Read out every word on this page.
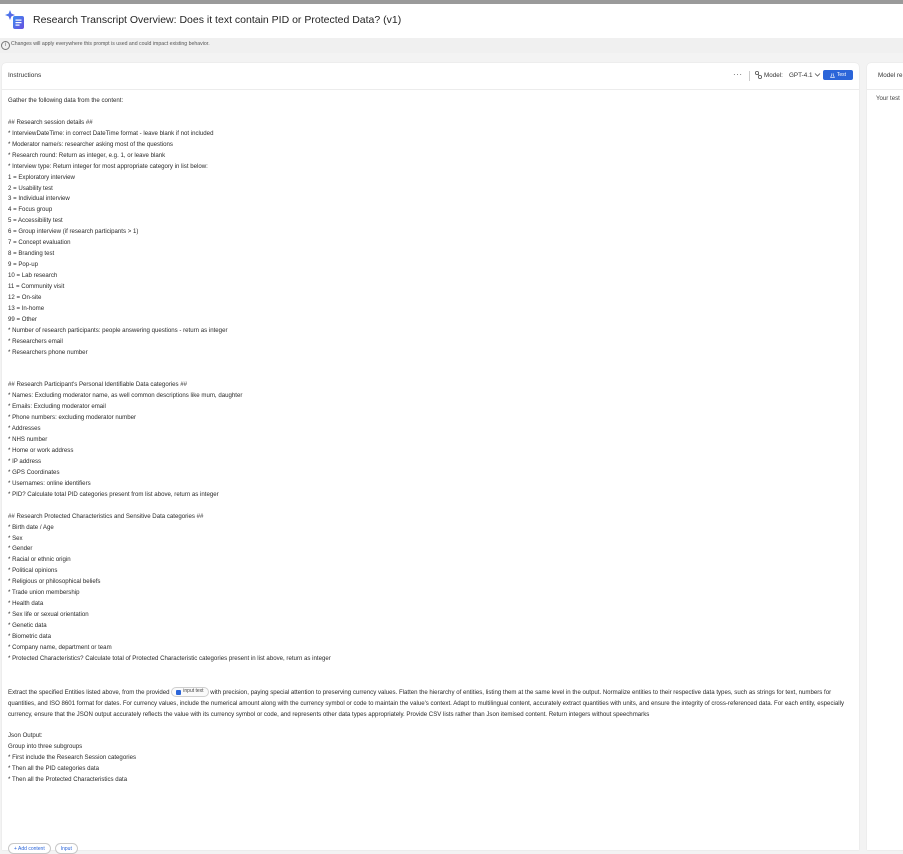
Research Transcript Overview: Does it text contain PID or Protected Data? (v1)
i Changes will apply everywhere this prompt is used and could impact existing behavior.
Instructions	···	Model: GPT-4.1	Test
Gather the following data from the content:
## Research session details ##
* InterviewDateTime: in correct DateTime format - leave blank if not included
* Moderator name/s: researcher asking most of the questions
* Research round: Return as integer, e.g. 1, or leave blank
* Interview type: Return integer for most appropriate category in list below:
1 = Exploratory interview
2 = Usability test
3 = Individual interview
4 = Focus group
5 = Accessibility test
6 = Group interview (if research participants > 1)
7 = Concept evaluation
8 = Branding test
9 = Pop-up
10 = Lab research
11 = Community visit
12 = On-site
13 = In-home
99 = Other
* Number of research participants: people answering questions - return as integer
* Researchers email
* Researchers phone number
## Research Participant's Personal Identifiable Data categories ##
* Names: Excluding moderator name, as well common descriptions like mum, daughter
* Emails: Excluding moderator email
* Phone numbers: excluding moderator number
* Addresses
* NHS number
* Home or work address
* IP address
* GPS Coordinates
* Usernames: online identifiers
* PID? Calculate total PID categories present from list above, return as integer
## Research Protected Characteristics and Sensitive Data categories ##
* Birth date / Age
* Sex
* Gender
* Racial or ethnic origin
* Political opinions
* Religious or philosophical beliefs
* Trade union membership
* Health data
* Sex life or sexual orientation
* Genetic data
* Biometric data
* Company name, department or team
* Protected Characteristics? Calculate total of Protected Characteristic categories present in list above, return as integer
Extract the specified Entities listed above, from the provided	input text with precision, paying special attention to preserving currency values. Flatten the hierarchy of entities, listing them at the same level in the output. Normalize entities to their respective data types, such as strings for text, numbers for quantities, and ISO 8601 format for dates. For currency values, include the numerical amount along with the currency symbol or code to maintain the value's context. Adapt to multilingual content, accurately extract quantities with units, and ensure the integrity of cross-referenced data. For each entity, especially currency, ensure that the JSON output accurately reflects the value with its currency symbol or code, and represents other data types appropriately. Provide CSV lists rather than Json itemised content. Return integers without speechmarks
Json Output:
Group into three subgroups
* First include the Research Session categories
* Then all the PID categories data
* Then all the Protected Characteristics data
+ Add content	Input
Model re
Your test
